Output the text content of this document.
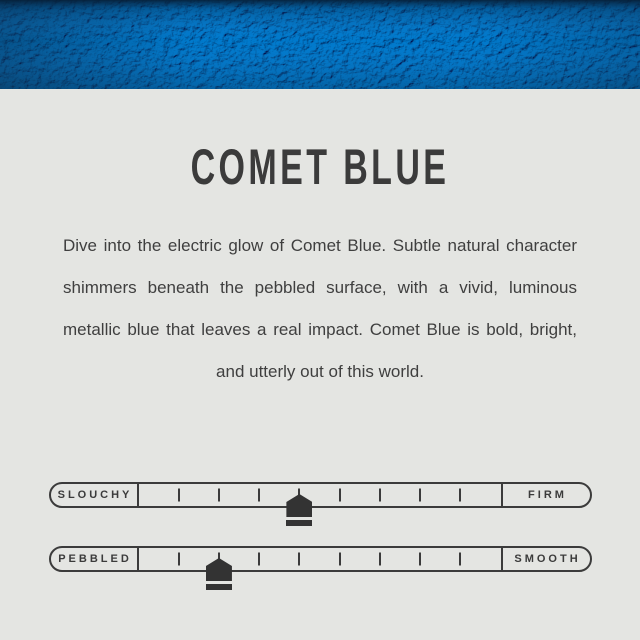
COMET BLUE
Dive into the electric glow of Comet Blue. Subtle natural character
shimmers beneath the pebbled surface, with a vivid, luminous
metallic blue that leaves a real impact. Comet Blue is bold, bright,
and utterly out of this world.
SLOUCHY	FIRM
PEBBLED	SMOOTH
